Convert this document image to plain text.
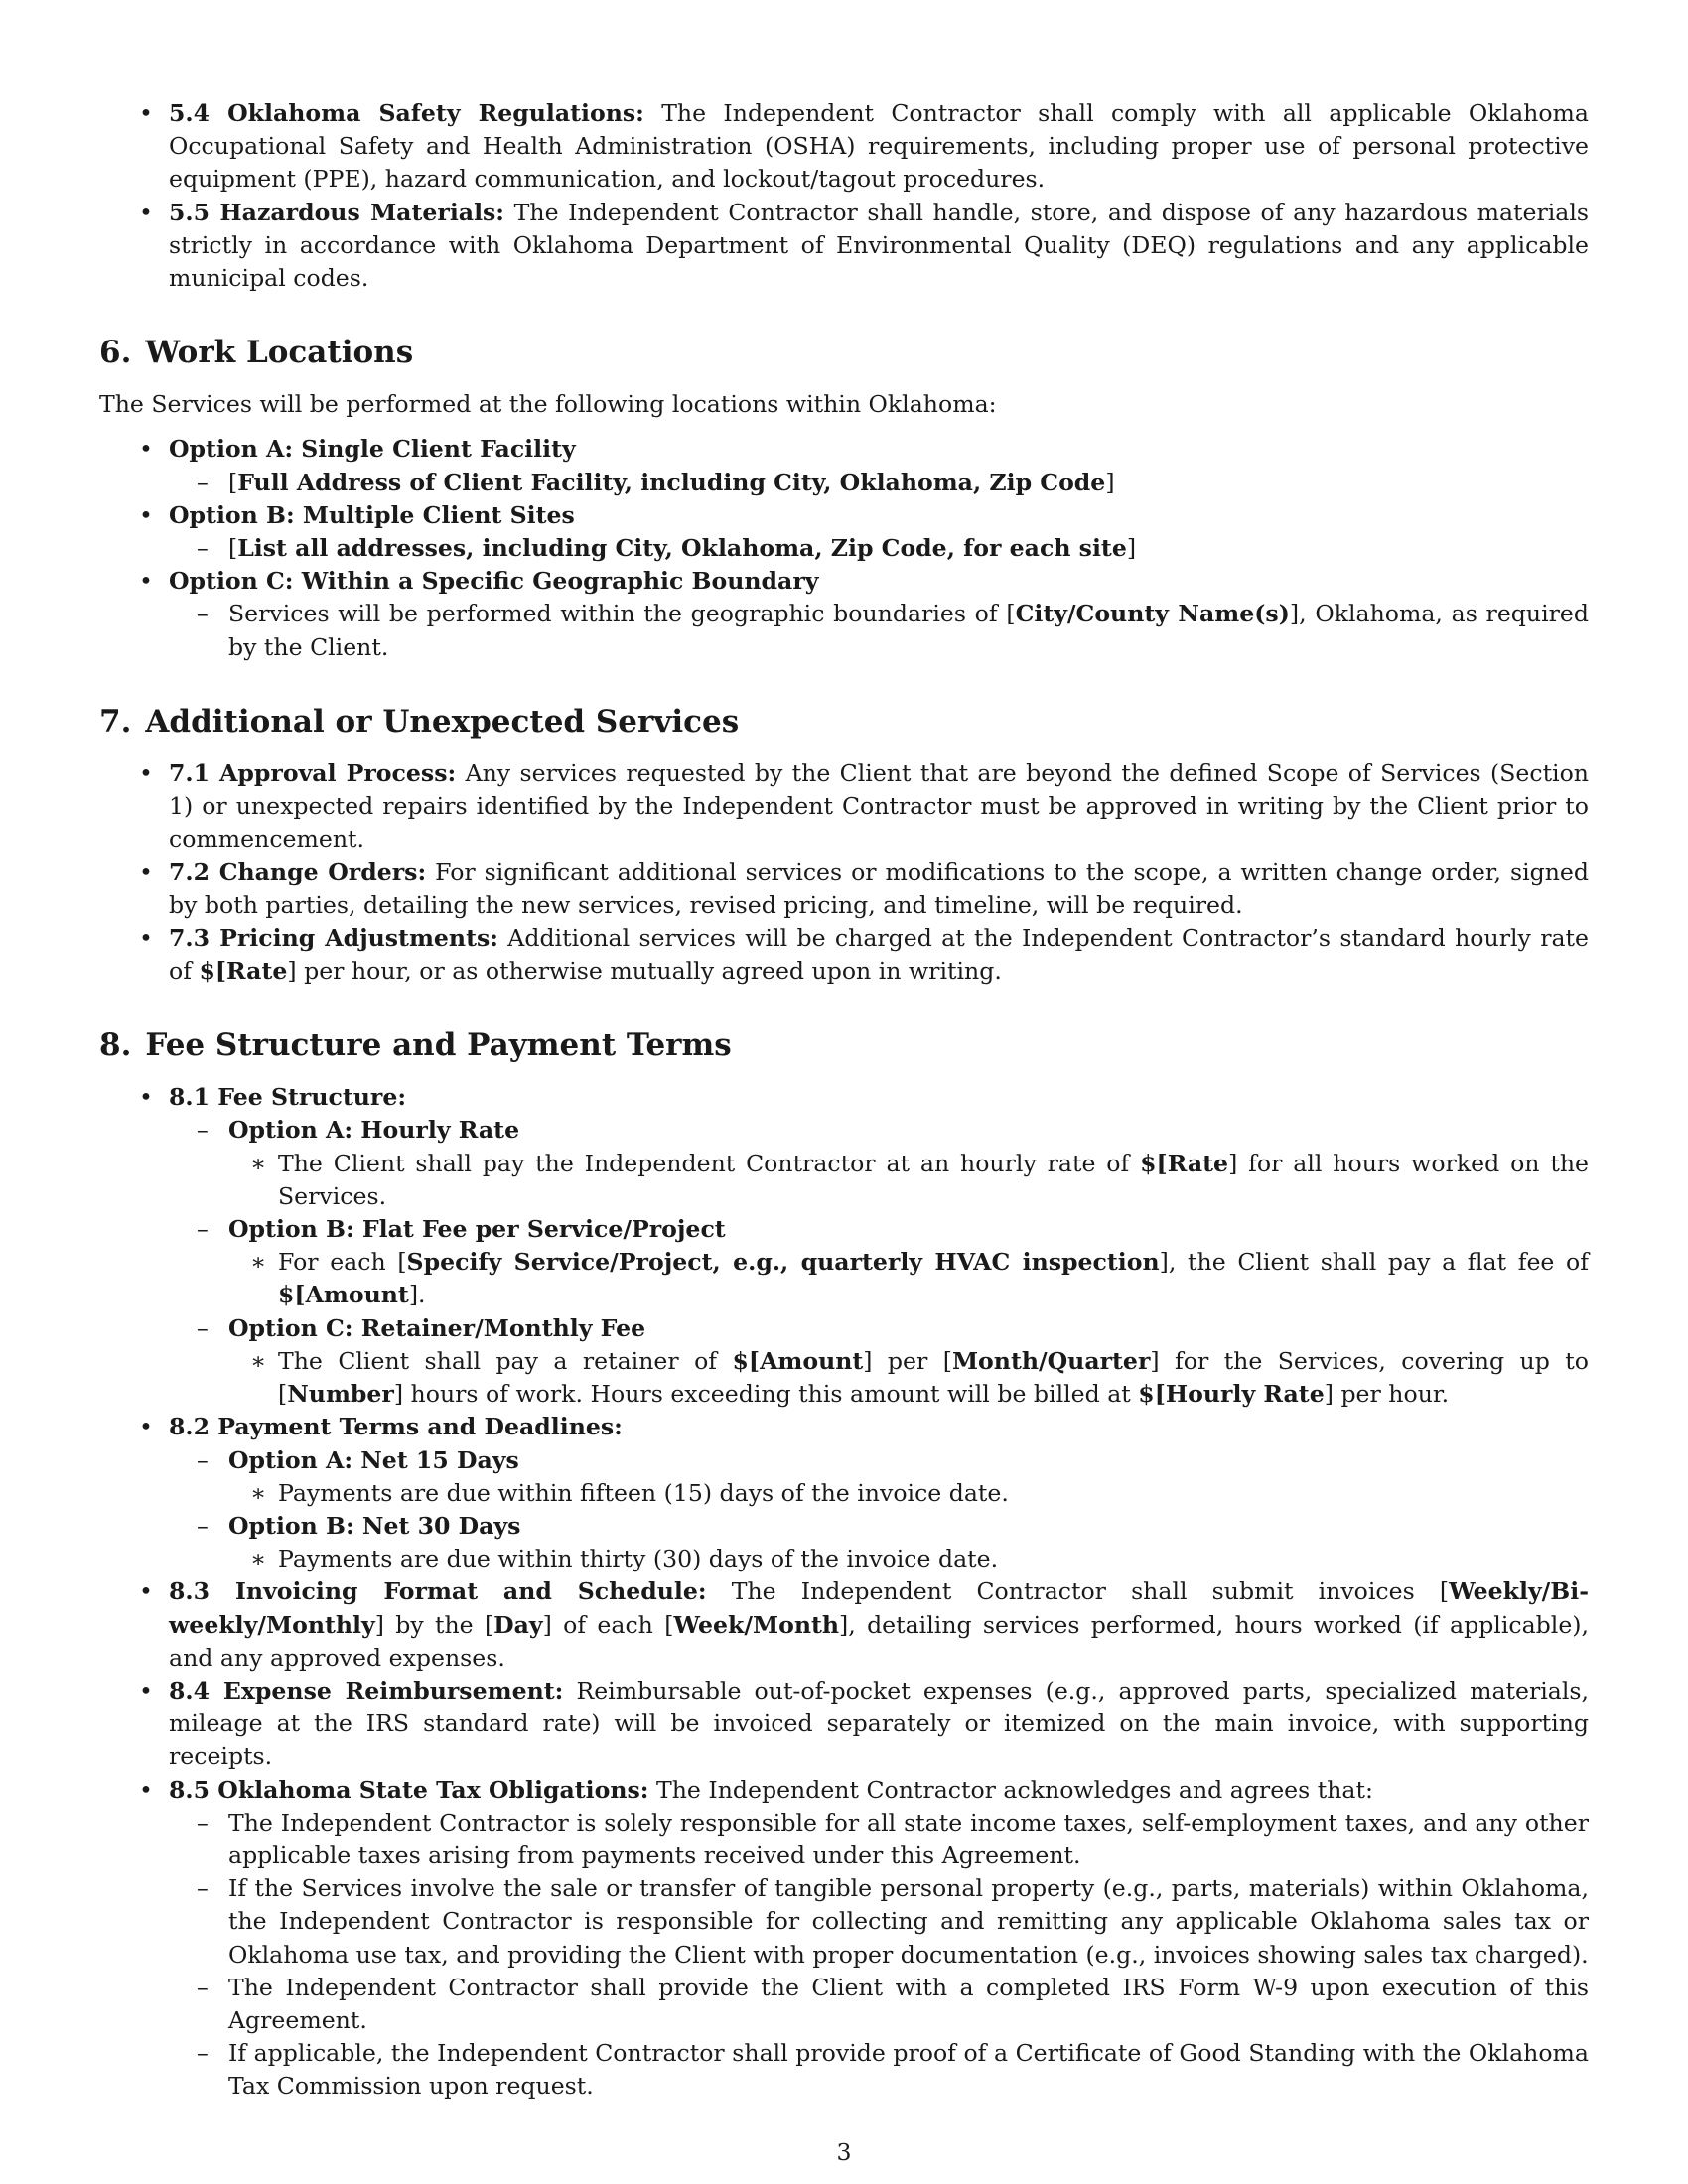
• 5.4 Oklahoma Safety Regulations: The Independent Contractor shall comply with all applicable Oklahoma Occupational Safety and Health Administration (OSHA) requirements, including proper use of personal protective equipment (PPE), hazard communication, and lockout/tagout procedures.
• 5.5 Hazardous Materials: The Independent Contractor shall handle, store, and dispose of any hazardous materials strictly in accordance with Oklahoma Department of Environmental Quality (DEQ) regulations and any applicable municipal codes.
6. Work Locations

The Services will be performed at the following locations within Oklahoma:

• Option A: Single Client Facility
– [Full Address of Client Facility, including City, Oklahoma, Zip Code]
• Option B: Multiple Client Sites
– [List all addresses, including City, Oklahoma, Zip Code, for each site]
• Option C: Within a Specific Geographic Boundary
– Services will be performed within the geographic boundaries of [City/County Name(s)], Oklahoma, as required by the Client.
7. Additional or Unexpected Services
• 7.1 Approval Process: Any services requested by the Client that are beyond the defined Scope of Services (Section 1) or unexpected repairs identified by the Independent Contractor must be approved in writing by the Client prior to commencement.
• 7.2 Change Orders: For significant additional services or modifications to the scope, a written change order, signed by both parties, detailing the new services, revised pricing, and timeline, will be required.
• 7.3 Pricing Adjustments: Additional services will be charged at the Independent Contractor’s standard hourly rate of $[Rate] per hour, or as otherwise mutually agreed upon in writing.
8. Fee Structure and Payment Terms
• 8.1 Fee Structure:
– Option A: Hourly Rate
∗ The Client shall pay the Independent Contractor at an hourly rate of $[Rate] for all hours worked on the Services.
– Option B: Flat Fee per Service/Project
∗ For each [Specify Service/Project, e.g., quarterly HVAC inspection], the Client shall pay a flat fee of $[Amount].
– Option C: Retainer/Monthly Fee
∗ The Client shall pay a retainer of $[Amount] per [Month/Quarter] for the Services, covering up to [Number] hours of work. Hours exceeding this amount will be billed at $[Hourly Rate] per hour.
• 8.2 Payment Terms and Deadlines:
– Option A: Net 15 Days
∗ Payments are due within fifteen (15) days of the invoice date.
– Option B: Net 30 Days
∗ Payments are due within thirty (30) days of the invoice date.
• 8.3 Invoicing Format and Schedule: The Independent Contractor shall submit invoices [Weekly/Bi-weekly/Monthly] by the [Day] of each [Week/Month], detailing services performed, hours worked (if applicable), and any approved expenses.
• 8.4 Expense Reimbursement: Reimbursable out-of-pocket expenses (e.g., approved parts, specialized materials, mileage at the IRS standard rate) will be invoiced separately or itemized on the main invoice, with supporting receipts.
• 8.5 Oklahoma State Tax Obligations: The Independent Contractor acknowledges and agrees that:
– The Independent Contractor is solely responsible for all state income taxes, self-employment taxes, and any other applicable taxes arising from payments received under this Agreement.
– If the Services involve the sale or transfer of tangible personal property (e.g., parts, materials) within Oklahoma, the Independent Contractor is responsible for collecting and remitting any applicable Oklahoma sales tax or Oklahoma use tax, and providing the Client with proper documentation (e.g., invoices showing sales tax charged).
– The Independent Contractor shall provide the Client with a completed IRS Form W-9 upon execution of this Agreement.
– If applicable, the Independent Contractor shall provide proof of a Certificate of Good Standing with the Oklahoma Tax Commission upon request.
3
